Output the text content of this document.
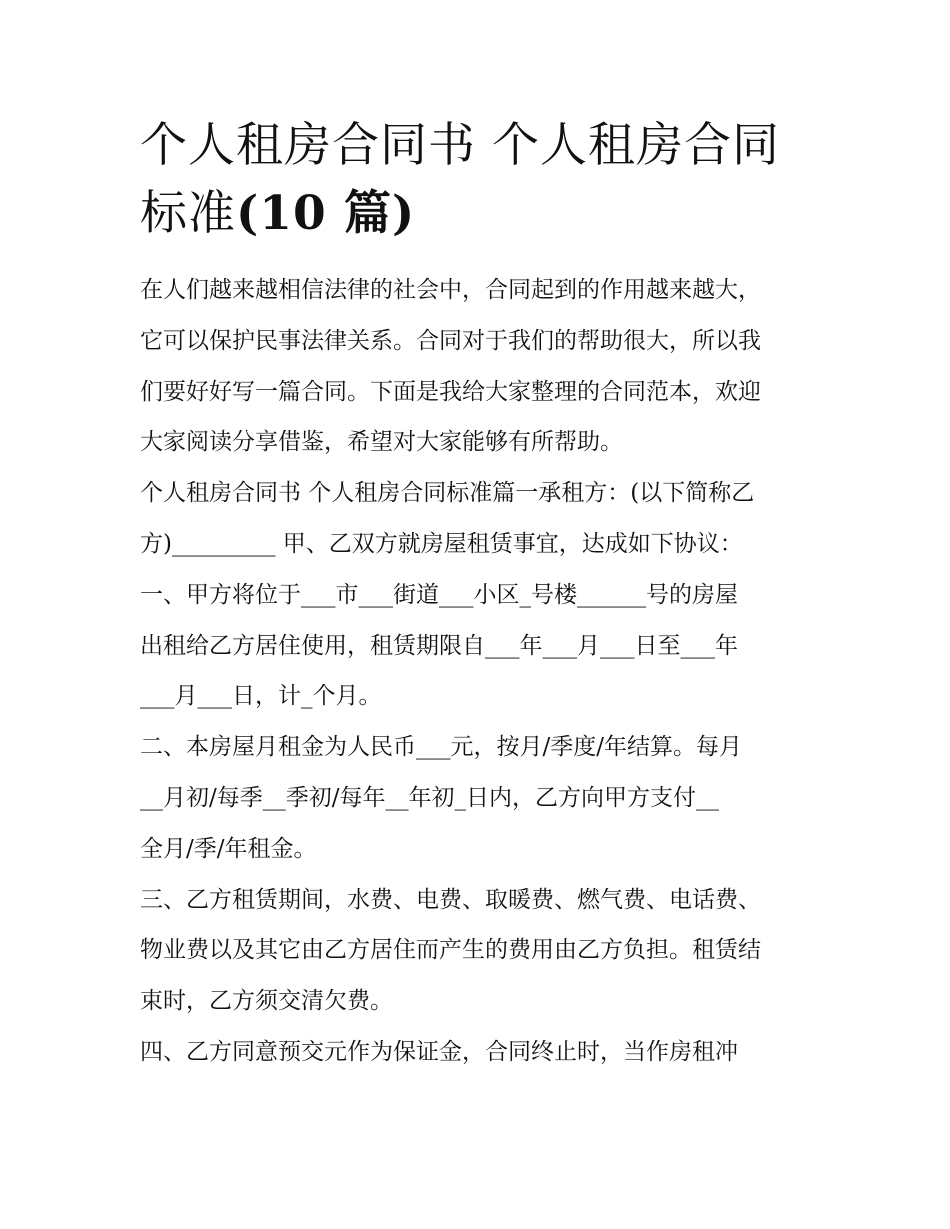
个人租房合同书 个人租房合同
标准(10 篇)

在人们越来越相信法律的社会中，合同起到的作用越来越大，
它可以保护民事法律关系。合同对于我们的帮助很大，所以我
们要好好写一篇合同。下面是我给大家整理的合同范本，欢迎
大家阅读分享借鉴，希望对大家能够有所帮助。

个人租房合同书 个人租房合同标准篇一承租方：(以下简称乙
方)_________ 甲、乙双方就房屋租赁事宜，达成如下协议：

一、甲方将位于___市___街道___小区_号楼______号的房屋
出租给乙方居住使用，租赁期限自___年___月___日至___年
___月___日，计_个月。

二、本房屋月租金为人民币___元，按月/季度/年结算。每月
__月初/每季__季初/每年__年初_日内，乙方向甲方支付__
全月/季/年租金。

三、乙方租赁期间，水费、电费、取暖费、燃气费、电话费、
物业费以及其它由乙方居住而产生的费用由乙方负担。租赁结
束时，乙方须交清欠费。

四、乙方同意预交元作为保证金，合同终止时，当作房租冲
